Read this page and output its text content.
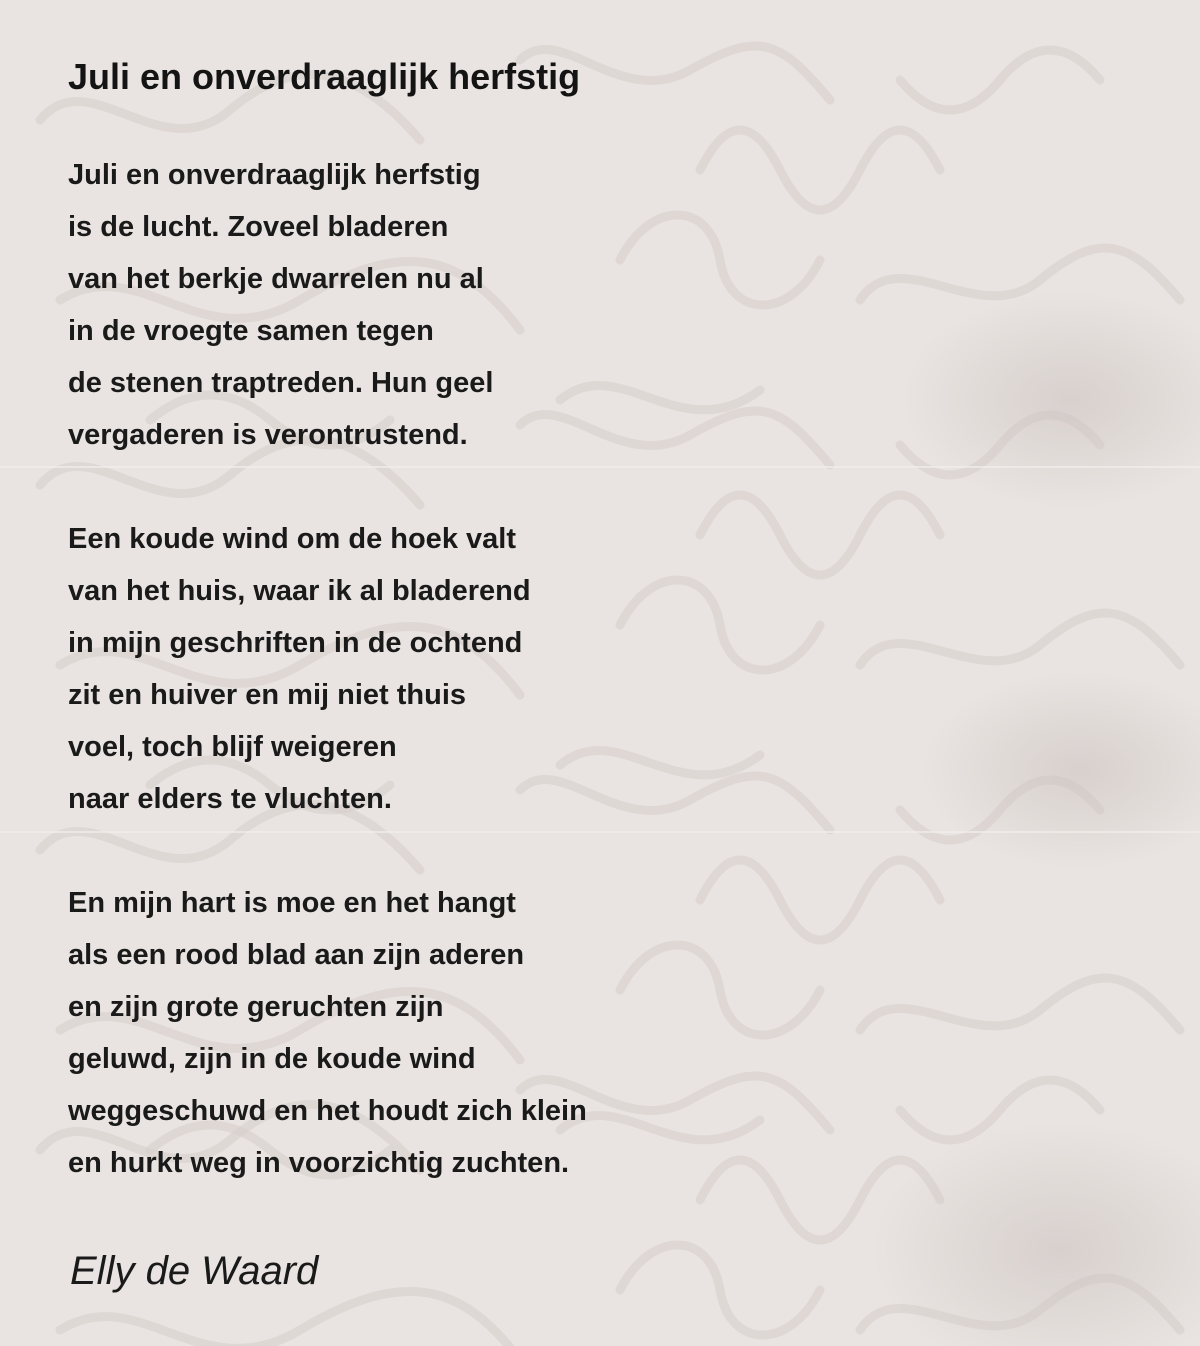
Juli en onverdraaglijk herfstig
Juli en onverdraaglijk herfstig
is de lucht. Zoveel bladeren
van het berkje dwarrelen nu al
in de vroegte samen tegen
de stenen traptreden. Hun geel
vergaderen is verontrustend.
Een koude wind om de hoek valt
van het huis, waar ik al bladerend
in mijn geschriften in de ochtend
zit en huiver en mij niet thuis
voel, toch blijf weigeren
naar elders te vluchten.
En mijn hart is moe en het hangt
als een rood blad aan zijn aderen
en zijn grote geruchten zijn
geluwd, zijn in de koude wind
weggeschuwd en het houdt zich klein
en hurkt weg in voorzichtig zuchten.
Elly de Waard
